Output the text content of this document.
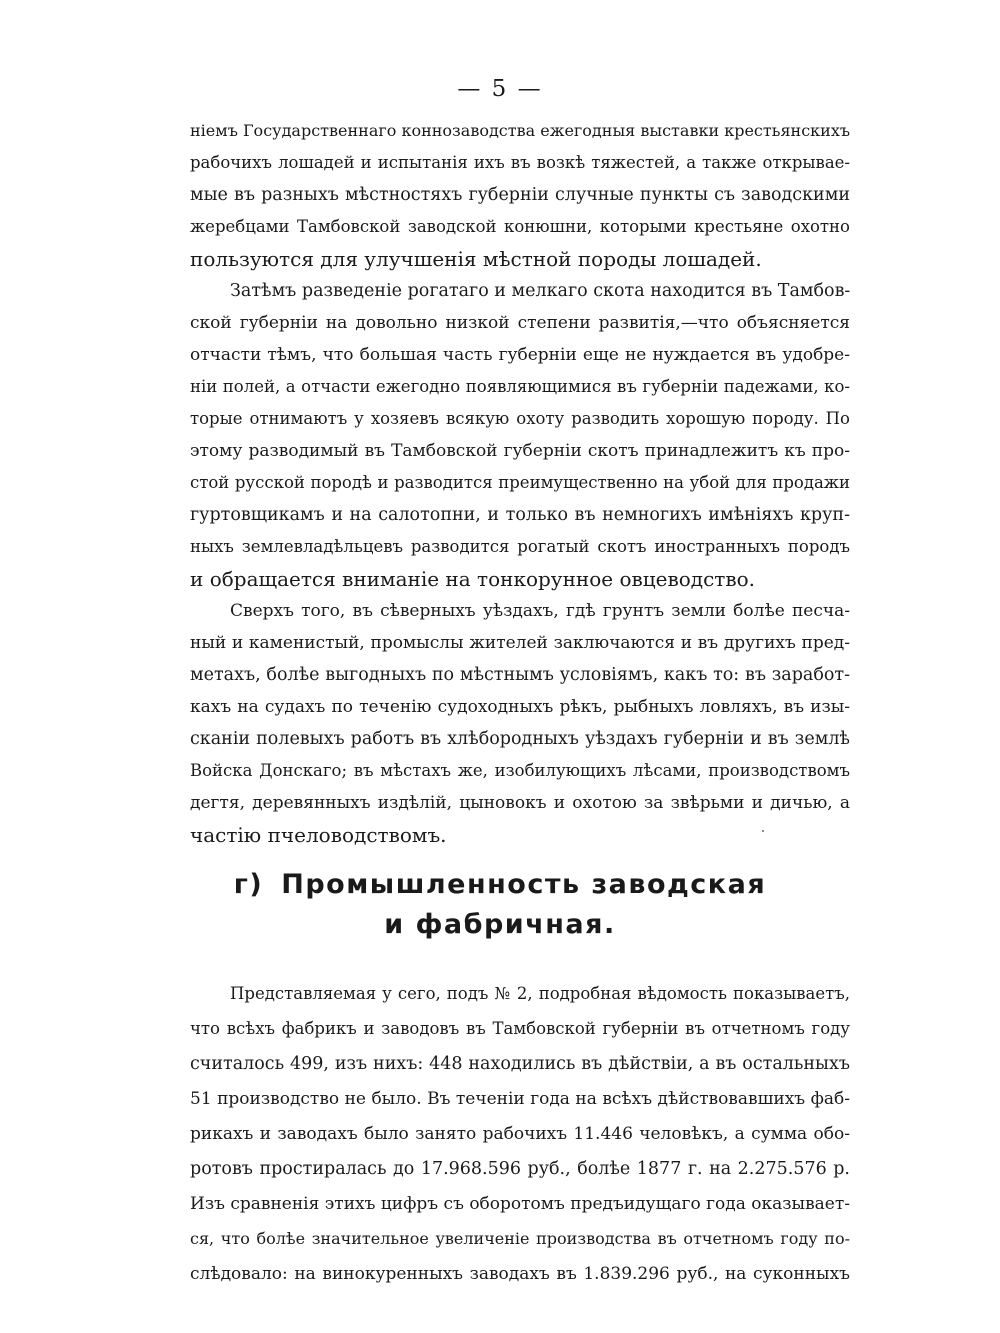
— 5 —
нiемъ Государственнаго коннозаводства ежегодныя выставки крестьянскихъ
рабочихъ лошадей и испытанiя ихъ въ возкѣ тяжестей, а также открывае-
мые въ разныхъ мѣстностяхъ губернiи случные пункты съ заводскими
жеребцами Тамбовской заводской конюшни, которыми крестьяне охотно
пользуются для улучшенiя мѣстной породы лошадей.
Затѣмъ разведенiе рогатаго и мелкаго скота находится въ Тамбов-
ской губернiи на довольно низкой степени развитiя,—что объясняется
отчасти тѣмъ, что большая часть губернiи еще не нуждается въ удобре-
нiи полей, а отчасти ежегодно появляющимися въ губернiи падежами, ко-
торые отнимаютъ у хозяевъ всякую охоту разводить хорошую породу. По
этому разводимый въ Тамбовской губернiи скотъ принадлежитъ къ про-
стой русской породѣ и разводится преимущественно на убой для продажи
гуртовщикамъ и на салотопни, и только въ немногихъ имѣнiяхъ круп-
ныхъ землевладѣльцевъ разводится рогатый скотъ иностранныхъ породъ
и обращается вниманiе на тонкорунное овцеводство.
Сверхъ того, въ сѣверныхъ уѣздахъ, гдѣ грунтъ земли болѣе песча-
ный и каменистый, промыслы жителей заключаются и въ другихъ пред-
метахъ, болѣе выгодныхъ по мѣстнымъ условiямъ, какъ то: въ заработ-
кахъ на судахъ по теченiю судоходныхъ рѣкъ, рыбныхъ ловляхъ, въ изы-
сканiи полевыхъ работъ въ хлѣбородныхъ уѣздахъ губернiи и въ землѣ
Войска Донскаго; въ мѣстахъ же, изобилующихъ лѣсами, производствомъ
дегтя, деревянныхъ издѣлiй, цыновокъ и охотою за звѣрьми и дичью, а
частiю пчеловодствомъ.
г) Промышленность заводская
и фабричная.
Представляемая у сего, подъ № 2, подробная вѣдомость показываетъ,
что всѣхъ фабрикъ и заводовъ въ Тамбовской губернiи въ отчетномъ году
считалось 499, изъ нихъ: 448 находились въ дѣйствiи, а въ остальныхъ
51 производство не было. Въ теченiи года на всѣхъ дѣйствовавшихъ фаб-
рикахъ и заводахъ было занято рабочихъ 11.446 человѣкъ, а сумма обо-
ротовъ простиралась до 17.968.596 руб., болѣе 1877 г. на 2.275.576 р.
Изъ сравненiя этихъ цифръ съ оборотомъ предъидущаго года оказывает-
ся, что болѣе значительное увеличенiе производства въ отчетномъ году по-
слѣдовало: на винокуренныхъ заводахъ въ 1.839.296 руб., на суконныхъ
